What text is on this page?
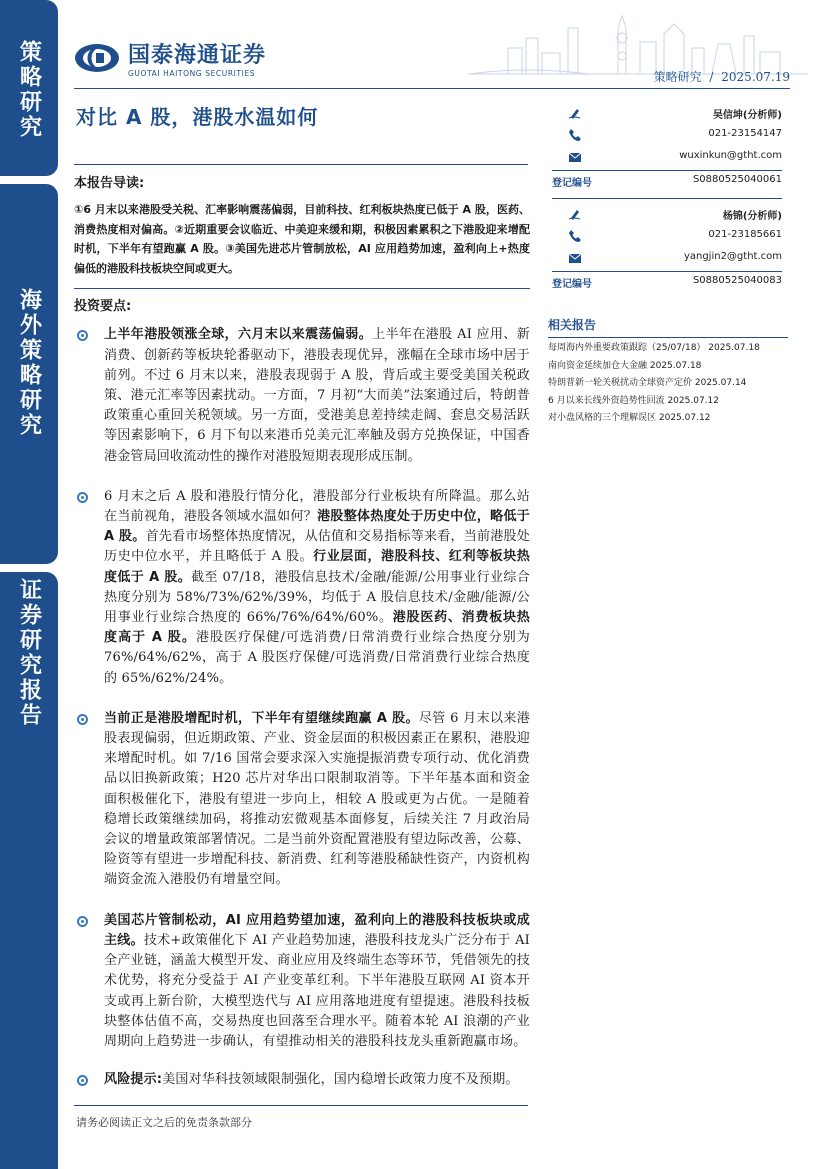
策略研究
海外策略研究
证券研究报告
国泰海通证券
GUOTAI HAITONG SECURITIES	策略研究 / 2025.07.19
对比 A 股，港股水温如何
本报告导读:
①6 月末以来港股受关税、汇率影响震荡偏弱，目前科技、红利板块热度已低于 A 股，医药、消费热度相对偏高。②近期重要会议临近、中美迎来缓和期，积极因素累积之下港股迎来增配时机，下半年有望跑赢 A 股。③美国先进芯片管制放松，AI 应用趋势加速，盈利向上+热度偏低的港股科技板块空间或更大。
投资要点:
上半年港股领涨全球，六月末以来震荡偏弱。上半年在港股 AI 应用、新消费、创新药等板块轮番驱动下，港股表现优异，涨幅在全球市场中居于前列。不过 6 月末以来，港股表现弱于 A 股，背后或主要受美国关税政策、港元汇率等因素扰动。一方面，7 月初“大而美”法案通过后，特朗普政策重心重回关税领域。另一方面，受港美息差持续走阔、套息交易活跃等因素影响下，6 月下旬以来港币兑美元汇率触及弱方兑换保证，中国香港金管局回收流动性的操作对港股短期表现形成压制。
6 月末之后 A 股和港股行情分化，港股部分行业板块有所降温。那么站在当前视角，港股各领域水温如何？港股整体热度处于历史中位，略低于 A 股。首先看市场整体热度情况，从估值和交易指标等来看，当前港股处历史中位水平，并且略低于 A 股。行业层面，港股科技、红利等板块热度低于 A 股。截至 07/18，港股信息技术/金融/能源/公用事业行业综合热度分别为 58%/73%/62%/39%，均低于 A 股信息技术/金融/能源/公用事业行业综合热度的 66%/76%/64%/60%。港股医药、消费板块热度高于 A 股。港股医疗保健/可选消费/日常消费行业综合热度分别为 76%/64%/62%，高于 A 股医疗保健/可选消费/日常消费行业综合热度的 65%/62%/24%。
当前正是港股增配时机，下半年有望继续跑赢 A 股。尽管 6 月末以来港股表现偏弱，但近期政策、产业、资金层面的积极因素正在累积，港股迎来增配时机。如 7/16 国常会要求深入实施提振消费专项行动、优化消费品以旧换新政策；H20 芯片对华出口限制取消等。下半年基本面和资金面积极催化下，港股有望进一步向上，相较 A 股或更为占优。一是随着稳增长政策继续加码，将推动宏微观基本面修复，后续关注 7 月政治局会议的增量政策部署情况。二是当前外资配置港股有望边际改善，公募、险资等有望进一步增配科技、新消费、红利等港股稀缺性资产，内资机构端资金流入港股仍有增量空间。
美国芯片管制松动，AI 应用趋势望加速，盈利向上的港股科技板块或成主线。技术+政策催化下 AI 产业趋势加速，港股科技龙头广泛分布于 AI 全产业链，涵盖大模型开发、商业应用及终端生态等环节，凭借领先的技术优势，将充分受益于 AI 产业变革红利。下半年港股互联网 AI 资本开支或再上新台阶，大模型迭代与 AI 应用落地进度有望提速。港股科技板块整体估值不高，交易热度也回落至合理水平。随着本轮 AI 浪潮的产业周期向上趋势进一步确认，有望推动相关的港股科技龙头重新跑赢市场。
风险提示:美国对华科技领域限制强化，国内稳增长政策力度不及预期。
请务必阅读正文之后的免责条款部分
吴信坤(分析师)
021-23154147
wuxinkun@gtht.com
登记编号	S0880525040061
杨锦(分析师)
021-23185661
yangjin2@gtht.com
登记编号	S0880525040083
相关报告
每周海内外重要政策跟踪（25/07/18） 2025.07.18
南向资金延续加仓大金融 2025.07.18
特朗普新一轮关税扰动全球资产定价 2025.07.14
6 月以来长线外资趋势性回流 2025.07.12
对小盘风格的三个理解误区 2025.07.12
